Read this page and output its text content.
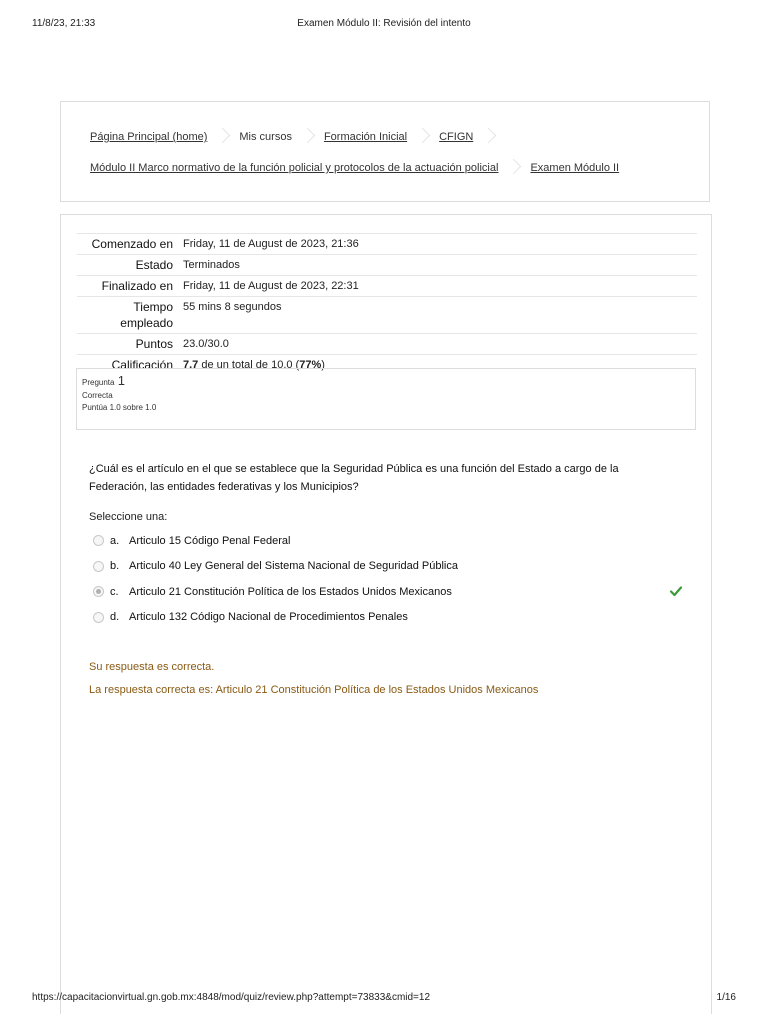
11/8/23, 21:33	Examen Módulo II: Revisión del intento
Página Principal (home)	Mis cursos	Formación Inicial	CFIGN
Módulo II Marco normativo de la función policial y protocolos de la actuación policial	Examen Módulo II
Comenzado en	Friday, 11 de August de 2023, 21:36
Estado	Terminados
Finalizado en	Friday, 11 de August de 2023, 22:31
Tiempo
empleado	55 mins 8 segundos
Puntos	23.0/30.0
Calificación	7.7 de un total de 10.0 (77%)
Pregunta 1
Correcta
Puntúa 1.0 sobre 1.0
¿Cuál es el artículo en el que se establece que la Seguridad Pública es una función del Estado a cargo de la Federación, las entidades federativas y los Municipios?
Seleccione una:
a. Articulo 15 Código Penal Federal
b. Articulo 40 Ley General del Sistema Nacional de Seguridad Pública
c. Articulo 21 Constitución Política de los Estados Unidos Mexicanos
d. Articulo 132 Código Nacional de Procedimientos Penales
Su respuesta es correcta.
La respuesta correcta es: Articulo 21 Constitución Política de los Estados Unidos Mexicanos
https://capacitacionvirtual.gn.gob.mx:4848/mod/quiz/review.php?attempt=73833&cmid=12	1/16
